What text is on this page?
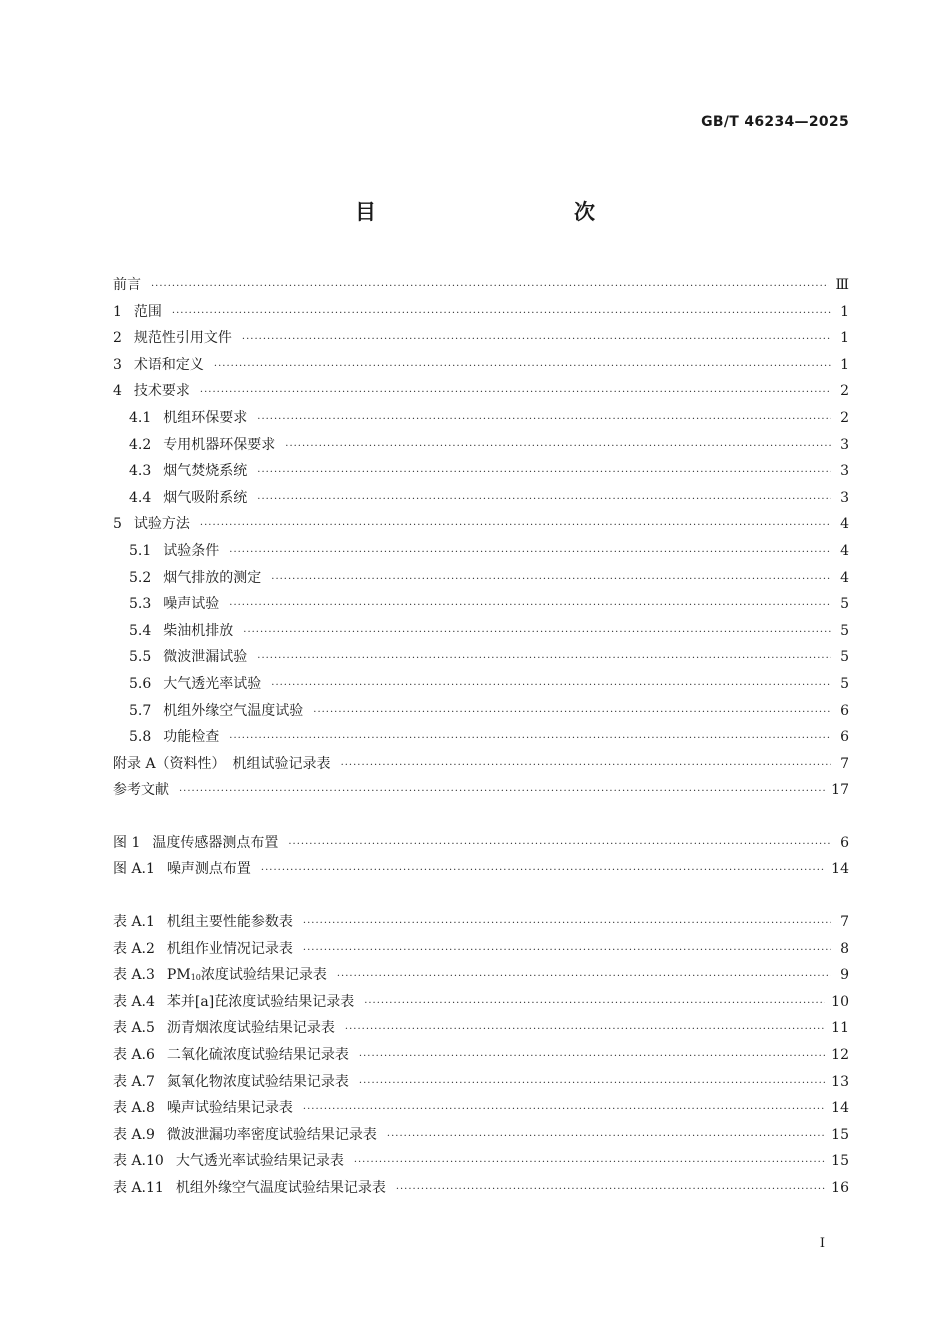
GB/T 46234—2025
目　　次
前言 ·····	Ⅲ
1 范围 ·····	1
2 规范性引用文件 ·····	1
3 术语和定义 ·····	1
4 技术要求 ·····	2
4.1 机组环保要求 ·····	2
4.2 专用机器环保要求 ·····	3
4.3 烟气焚烧系统 ·····	3
4.4 烟气吸附系统 ·····	3
5 试验方法 ·····	4
5.1 试验条件 ·····	4
5.2 烟气排放的测定 ·····	4
5.3 噪声试验 ·····	5
5.4 柴油机排放 ·····	5
5.5 微波泄漏试验 ·····	5
5.6 大气透光率试验 ·····	5
5.7 机组外缘空气温度试验 ·····	6
5.8 功能检查 ·····	6
附录 A（资料性）　机组试验记录表 ·····	7
参考文献 ·····	17
图 1 温度传感器测点布置 ·····	6
图 A.1 噪声测点布置 ·····	14
表 A.1 机组主要性能参数表 ·····	7
表 A.2 机组作业情况记录表 ·····	8
表 A.3 $PM_{10}$浓度试验结果记录表 ·····	9
表 A.4 苯并[a]芘浓度试验结果记录表 ·····	10
表 A.5 沥青烟浓度试验结果记录表 ·····	11
表 A.6 二氧化硫浓度试验结果记录表 ·····	12
表 A.7 氮氧化物浓度试验结果记录表 ·····	13
表 A.8 噪声试验结果记录表 ·····	14
表 A.9 微波泄漏功率密度试验结果记录表 ·····	15
表 A.10 大气透光率试验结果记录表 ·····	15
表 A.11 机组外缘空气温度试验结果记录表 ·····	16
I
